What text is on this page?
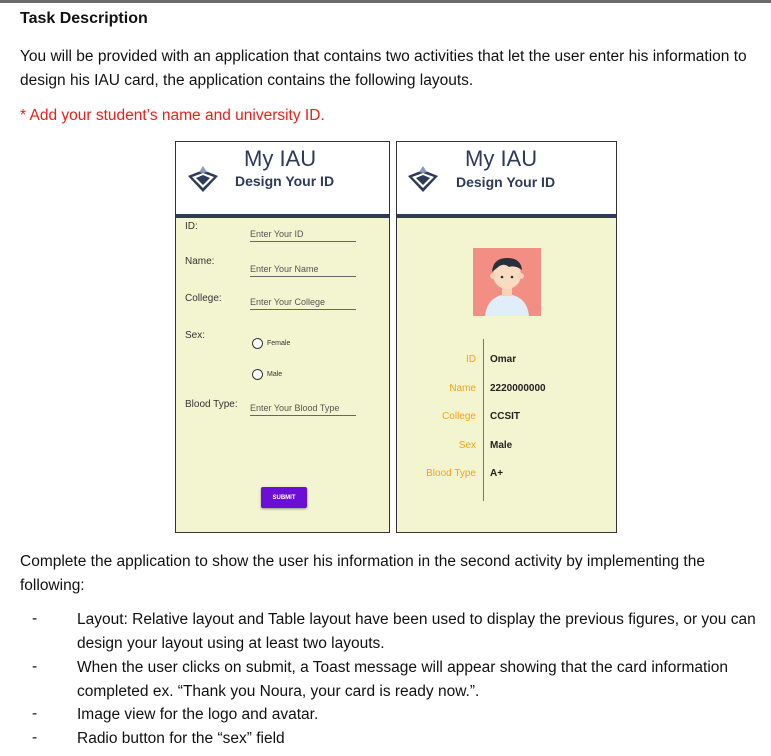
Task Description
You will be provided with an application that contains two activities that let the user enter his information to design his IAU card, the application contains the following layouts.
* Add your student’s name and university ID.
My IAU
Design Your ID
ID:
Enter Your ID
Name:
Enter Your Name
College:	Enter Your College
Sex:
Female
Male
Blood Type: Enter Your Blood Type
SUBMIT
My IAU
Design Your ID
ID Omar
Name 2220000000
College CCSIT
Sex Male
Blood Type A+
Complete the application to show the user his information in the second activity by implementing the following:
-	Layout: Relative layout and Table layout have been used to display the previous figures, or you can design your layout using at least two layouts.
-	When the user clicks on submit, a Toast message will appear showing that the card information completed ex. “Thank you Noura, your card is ready now.”.
-	Image view for the logo and avatar.
-	Radio button for the “sex” field
